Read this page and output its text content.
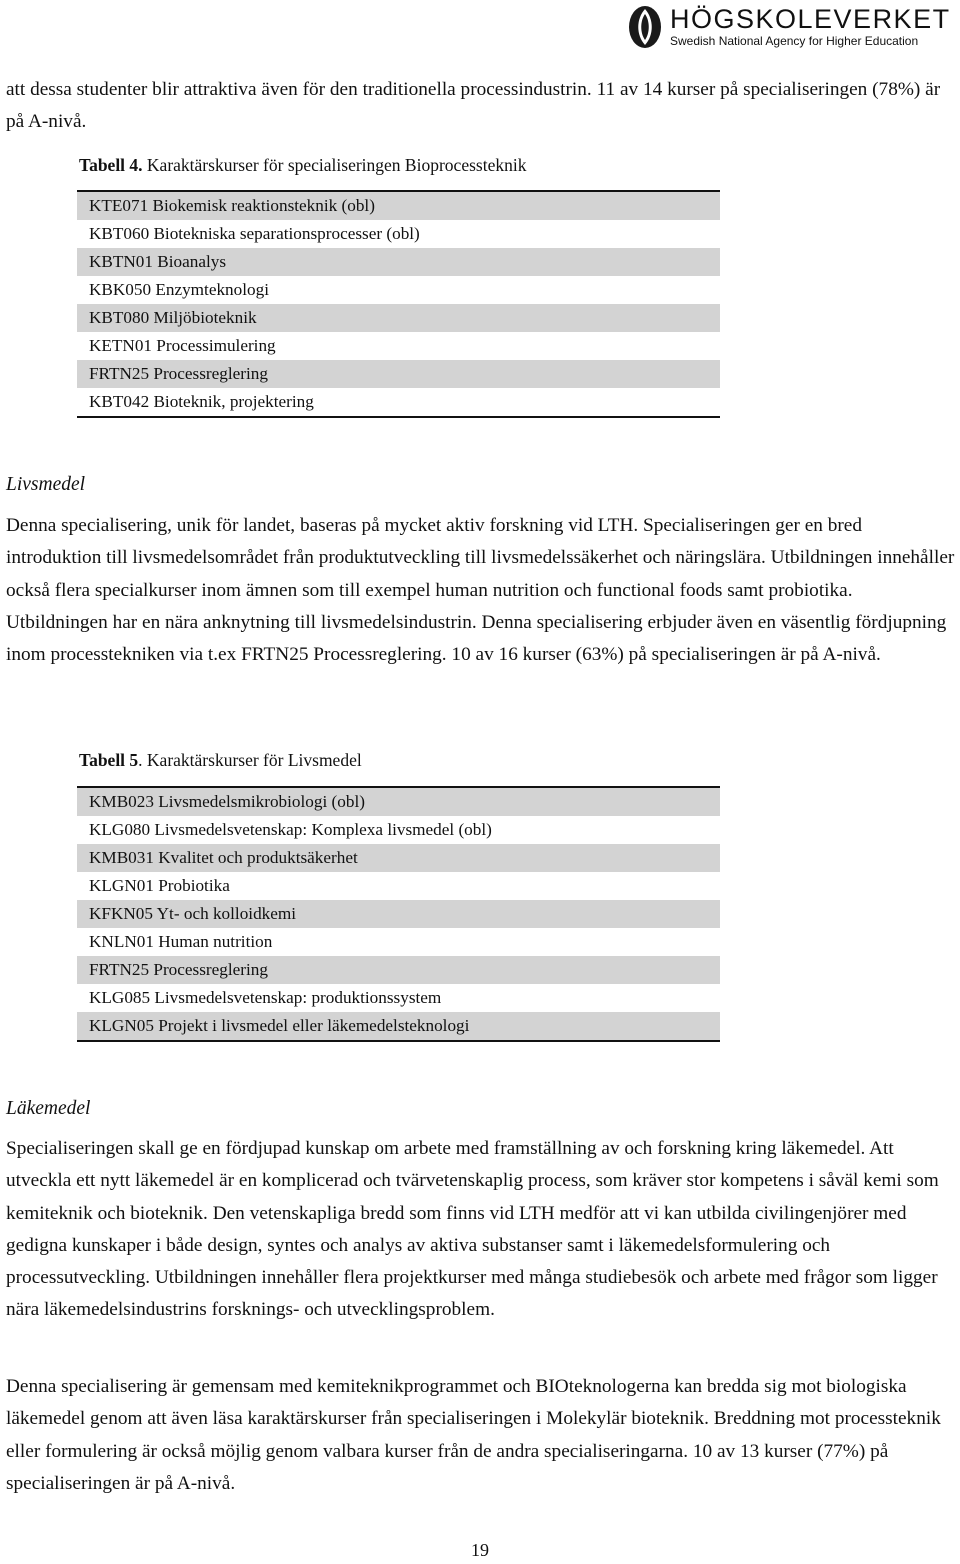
HÖGSKOLEVERKET
Swedish National Agency for Higher Education

att dessa studenter blir attraktiva även för den traditionella processindustrin. 11 av 14 kurser på specialiseringen (78%) är på A-nivå.

Tabell 4. Karaktärskurser för specialiseringen Bioprocessteknik

KTE071 Biokemisk reaktionsteknik (obl)
KBT060 Biotekniska separationsprocesser (obl)
KBTN01 Bioanalys
KBK050 Enzymteknologi
KBT080 Miljöbioteknik
KETN01 Processimulering
FRTN25 Processreglering
KBT042 Bioteknik, projektering

Livsmedel

Denna specialisering, unik för landet, baseras på mycket aktiv forskning vid LTH. Specialiseringen ger en bred introduktion till livsmedelsområdet från produktutveckling till livsmedelssäkerhet och näringslära. Utbildningen innehåller också flera specialkurser inom ämnen som till exempel human nutrition och functional foods samt probiotika. Utbildningen har en nära anknytning till livsmedelsindustrin. Denna specialisering erbjuder även en väsentlig fördjupning inom processtekniken via t.ex FRTN25 Processreglering. 10 av 16 kurser (63%) på specialiseringen är på A-nivå.

Tabell 5. Karaktärskurser för Livsmedel

KMB023 Livsmedelsmikrobiologi (obl)
KLG080 Livsmedelsvetenskap: Komplexa livsmedel (obl)
KMB031 Kvalitet och produktsäkerhet
KLGN01 Probiotika
KFKN05 Yt- och kolloidkemi
KNLN01 Human nutrition
FRTN25 Processreglering
KLG085 Livsmedelsvetenskap: produktionssystem
KLGN05 Projekt i livsmedel eller läkemedelsteknologi

Läkemedel

Specialiseringen skall ge en fördjupad kunskap om arbete med framställning av och forskning kring läkemedel. Att utveckla ett nytt läkemedel är en komplicerad och tvärvetenskaplig process, som kräver stor kompetens i såväl kemi som kemiteknik och bioteknik. Den vetenskapliga bredd som finns vid LTH medför att vi kan utbilda civilingenjörer med gedigna kunskaper i både design, syntes och analys av aktiva substanser samt i läkemedelsformulering och processutveckling. Utbildningen innehåller flera projektkurser med många studiebesök och arbete med frågor som ligger nära läkemedelsindustrins forsknings- och utvecklingsproblem.

Denna specialisering är gemensam med kemiteknikprogrammet och BIOteknologerna kan bredda sig mot biologiska läkemedel genom att även läsa karaktärskurser från specialiseringen i Molekylär bioteknik. Breddning mot processteknik eller formulering är också möjlig genom valbara kurser från de andra specialiseringarna. 10 av 13 kurser (77%) på specialiseringen är på A-nivå.

19
